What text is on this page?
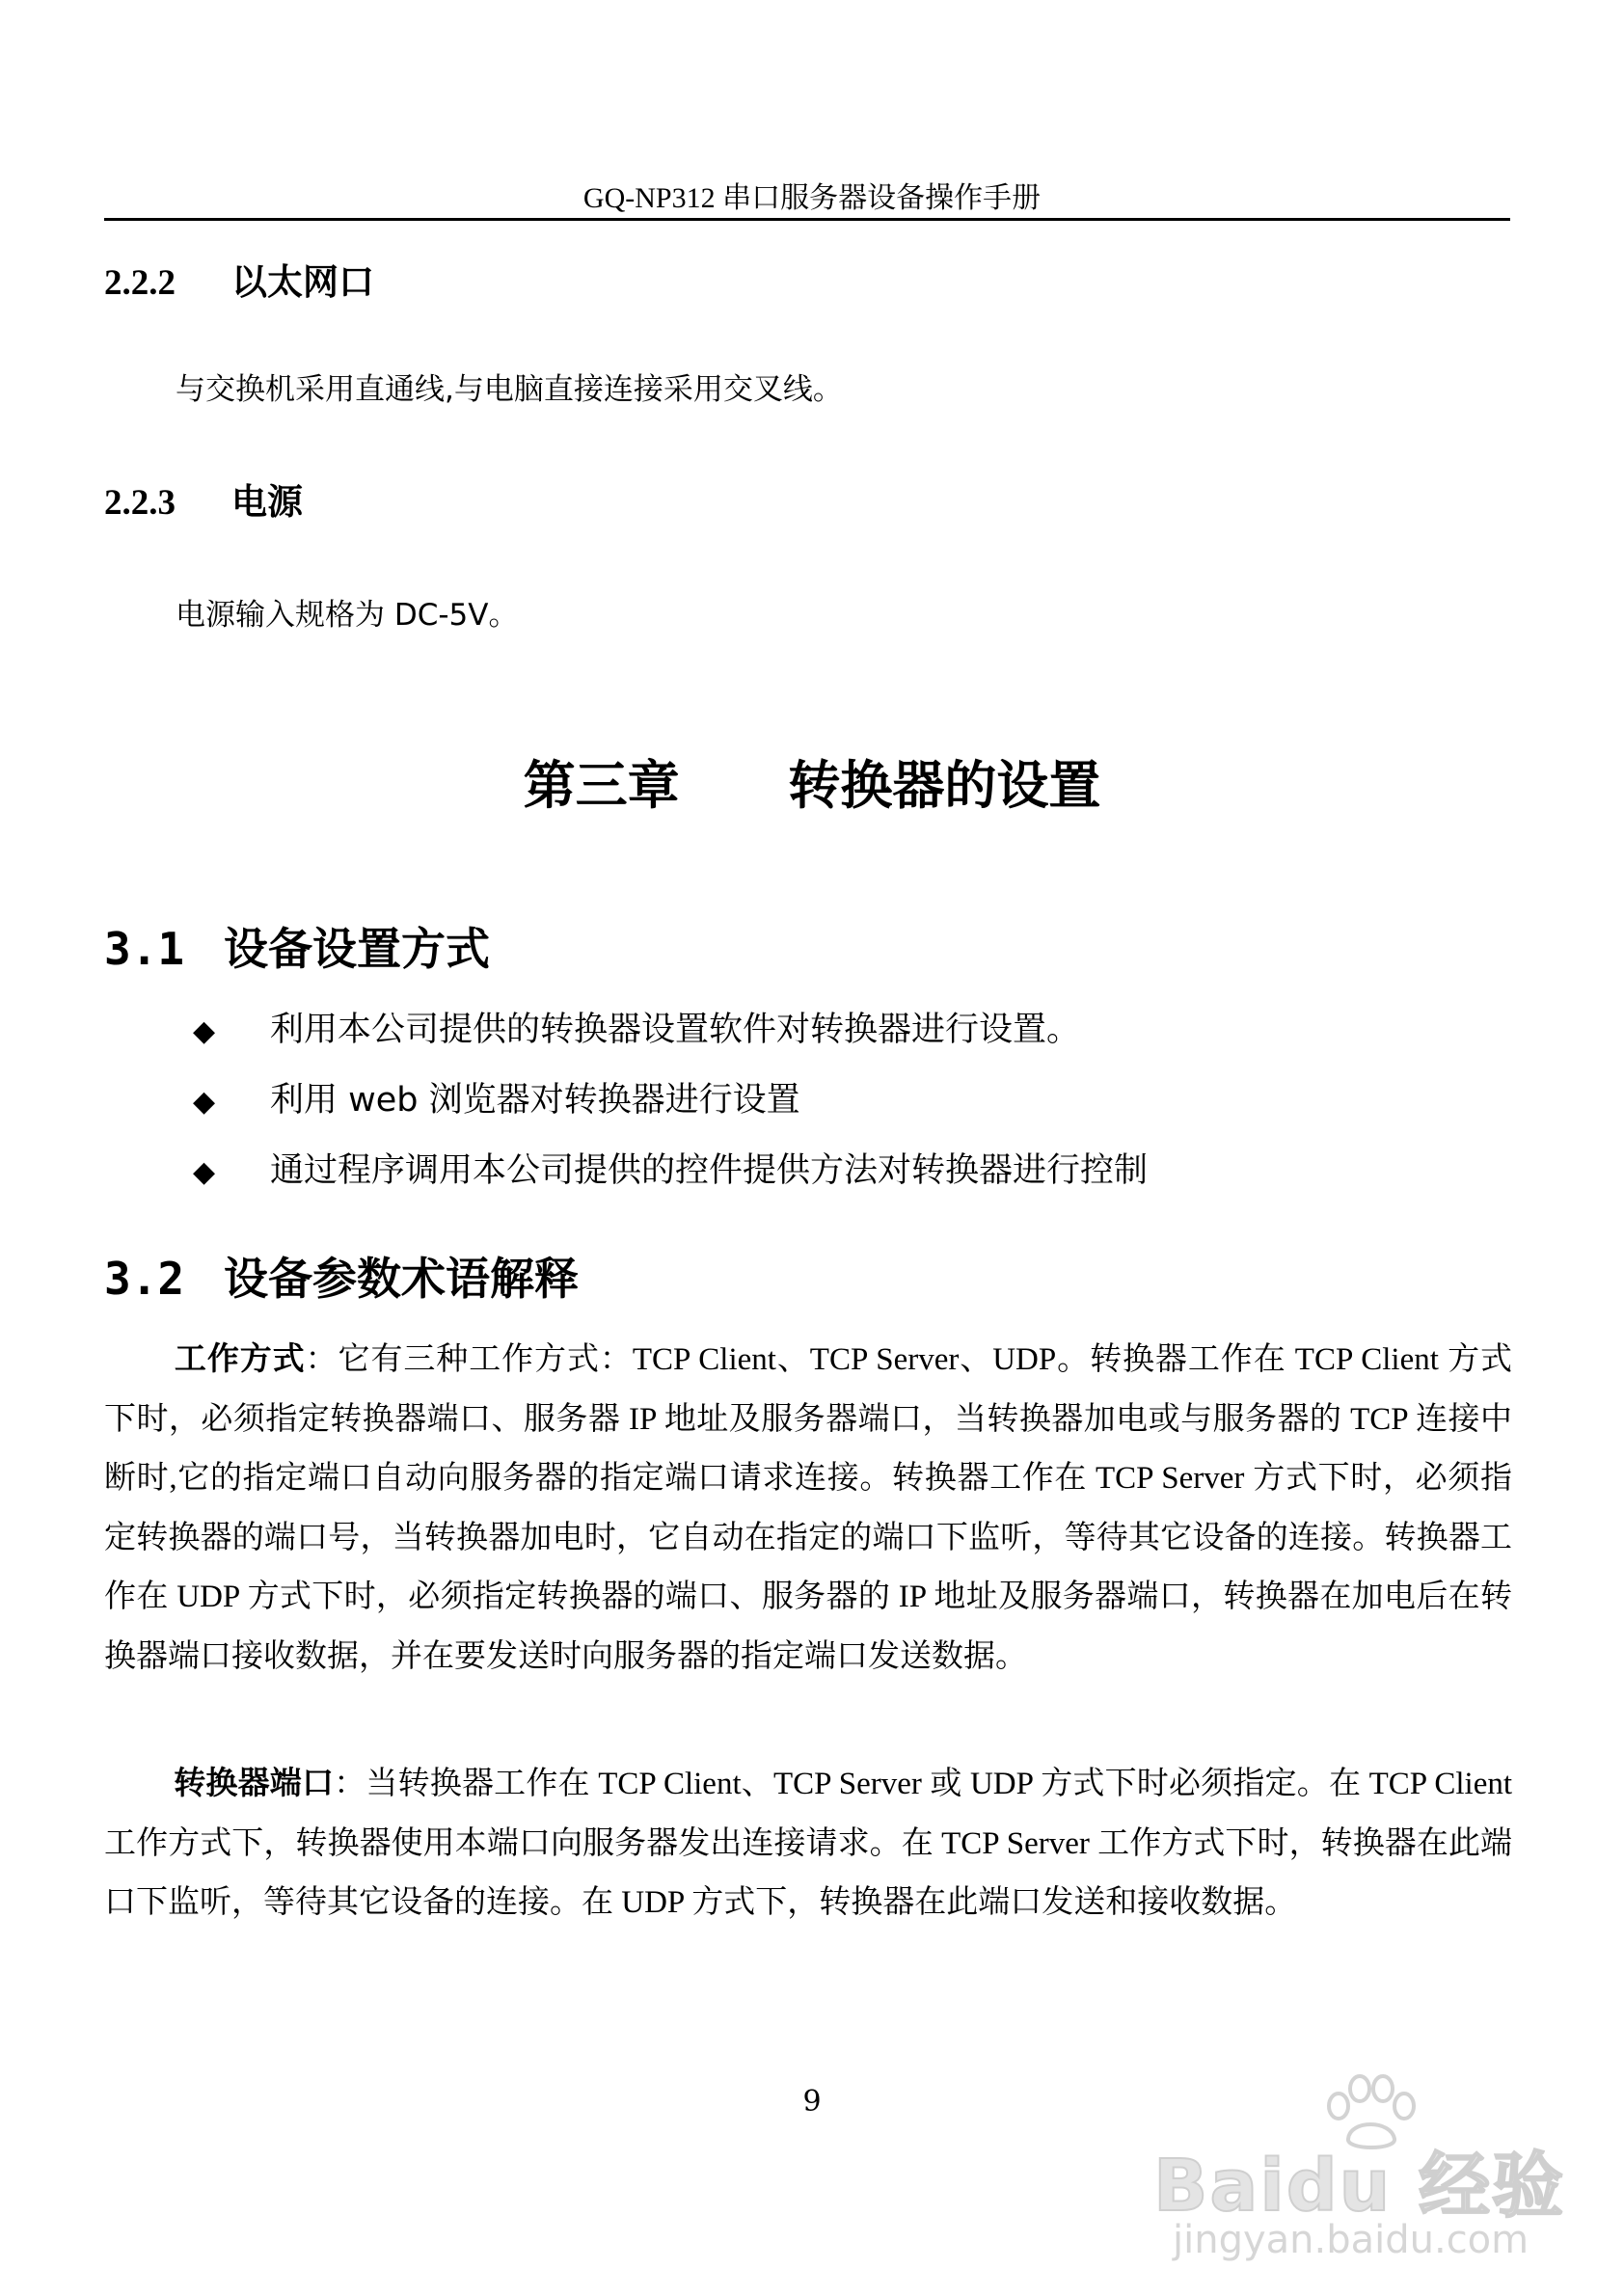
GQ-NP312 串口服务器设备操作手册
2.2.2 以太网口
与交换机采用直通线,与电脑直接连接采用交叉线。
2.2.3 电源
电源输入规格为 DC-5V。
第三章      转换器的设置
3.1 设备设置方式
◆ 利用本公司提供的转换器设置软件对转换器进行设置。
◆ 利用 web 浏览器对转换器进行设置
◆ 通过程序调用本公司提供的控件提供方法对转换器进行控制
3.2 设备参数术语解释

工作方式：它有三种工作方式：TCP Client、TCP Server、UDP。转换器工作在 TCP Client 方式下时，必须指定转换器端口、服务器 IP 地址及服务器端口，当转换器加电或与服务器的 TCP 连接中断时,它的指定端口自动向服务器的指定端口请求连接。转换器工作在 TCP Server 方式下时，必须指定转换器的端口号，当转换器加电时，它自动在指定的端口下监听，等待其它设备的连接。转换器工作在 UDP 方式下时，必须指定转换器的端口、服务器的 IP 地址及服务器端口，转换器在加电后在转换器端口接收数据，并在要发送时向服务器的指定端口发送数据。

转换器端口：当转换器工作在 TCP Client、TCP Server 或 UDP 方式下时必须指定。在 TCP Client 工作方式下，转换器使用本端口向服务器发出连接请求。在 TCP Server 工作方式下时，转换器在此端口下监听，等待其它设备的连接。在 UDP 方式下，转换器在此端口发送和接收数据。

9
Baidu 经验
jingyan.baidu.com
